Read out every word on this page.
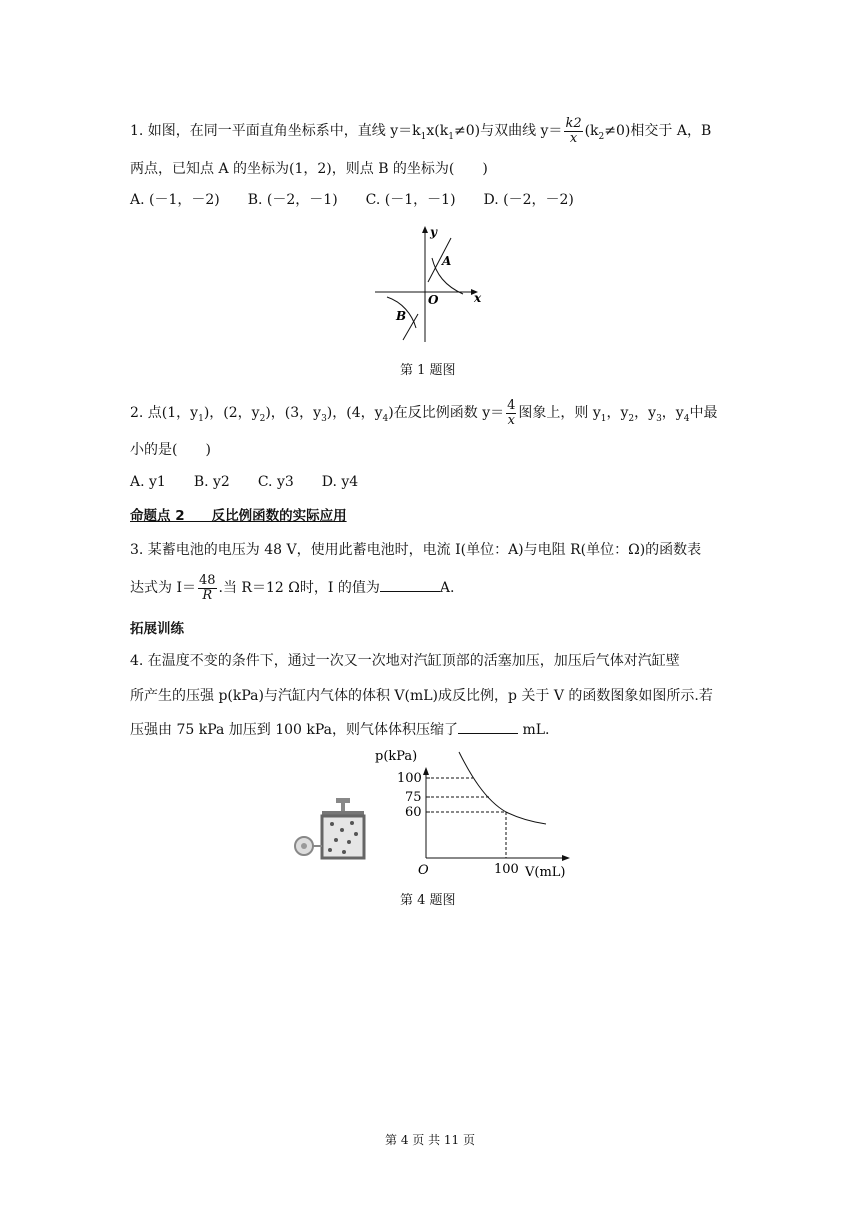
1. 如图，在同一平面直角坐标系中，直线 $y=k_1x(k_1\ne 0)$与双曲线 $y= \frac{k2}{x} (k_2\ne 0)$相交于 A，B
两点，已知点 A 的坐标为(1，2)，则点 B 的坐标为(　　)
A. (－1，－2)　　B. (－2，－1)　　C. (－1，－1)　　D. (－2，－2)
y
x
O
A
B
第 1 题图
2. 点(1，$y_1$)，(2，$y_2$)，(3，$y_3$)，(4，$y_4$)在反比例函数 $y= \frac{4}{x}$ 图象上，则 $y_1$，$y_2$，$y_3$，$y_4$中最
小的是(　　)
A. y1　　B. y2　　C. y3　　D. y4
命题点 2　　反比例函数的实际应用
3. 某蓄电池的电压为 48 V，使用此蓄电池时，电流 I(单位：A)与电阻 R(单位：Ω)的函数表
达式为 $I= \frac{48}{R}$ .当 R＝12 Ω时，I 的值为	A.
拓展训练
4. 在温度不变的条件下，通过一次又一次地对汽缸顶部的活塞加压，加压后气体对汽缸壁
所产生的压强 p(kPa)与汽缸内气体的体积 V(mL)成反比例，p 关于 V 的函数图象如图所示.若
压强由 75 kPa 加压到 100 kPa，则气体体积压缩了	mL.
p(kPa)
100
75
60
O	100 V(mL)
第 4 题图
第 4 页 共 11 页
